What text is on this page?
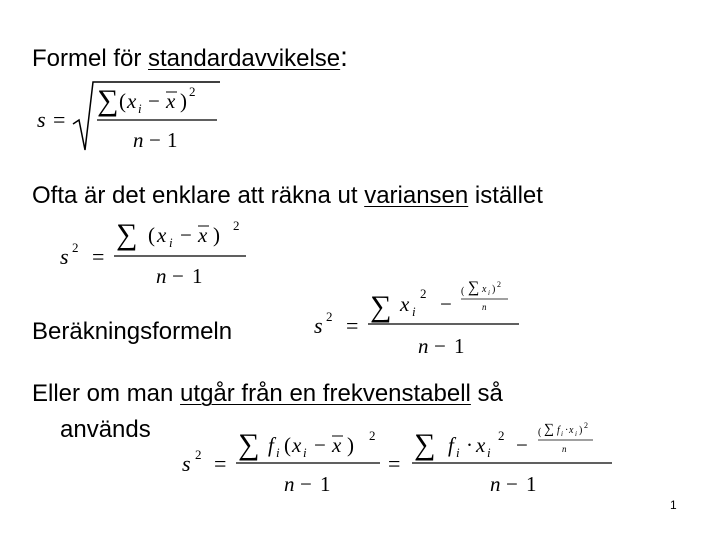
Formel för standardavvikelse:
s =
∑ ( x i − x ) 2
n − 1
Ofta är det enklare att räkna ut variansen istället
s 2 =
∑ ( x i − x ) 2
n − 1
Beräkningsformeln	s 2 =
∑ x i
2 −
( ∑ x i ) 2
n
n − 1
Eller om man utgår från en frekvenstabell så
används
s 2 =
∑ f i ( x i − x ) 2
n − 1
=
∑ f i · x i
2 −
( ∑ f i · x i ) 2
n
n − 1
1
